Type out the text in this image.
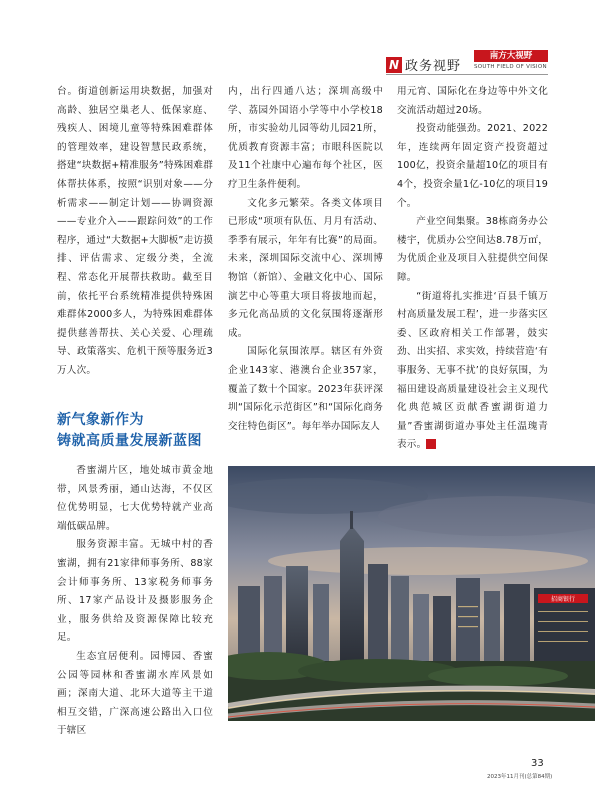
N 政务视野
南方大视野
SOUTH FIELD OF VISION

台。街道创新运用块数据，加强对高龄、独居空巢老人、低保家庭、残疾人、困境儿童等特殊困难群体的管理效率，建设智慧民政系统，搭建“块数据+精准服务”特殊困难群体帮扶体系，按照“识别对象——分析需求——制定计划——协调资源——专业介入——跟踪问效”的工作程序，通过“大数据+大脚板”走访摸排、评估需求、定级分类，全流程、常态化开展帮扶救助。截至目前，依托平台系统精准提供特殊困难群体2000多人，为特殊困难群体提供慈善帮扶、关心关爱、心理疏导、政策落实、危机干预等服务近3万人次。

新气象新作为
铸就高质量发展新蓝图

香蜜湖片区，地处城市黄金地带，风景秀丽，通山达海，不仅区位优势明显，七大优势特就产业高端低碳品牌。

服务资源丰富。无城中村的香蜜湖，拥有21家律师事务所、88家会计师事务所、13家税务师事务所、17家产品设计及摄影服务企业，服务供给及资源保障比较充足。

生态宜居便利。园博园、香蜜公园等园林和香蜜湖水库风景如画；深南大道、北环大道等主干道相互交错，广深高速公路出入口位于辖区

内，出行四通八达；深圳高级中学、荔园外国语小学等中小学校18所，市实验幼儿园等幼儿园21所，优质教育资源丰富；市眼科医院以及11个社康中心遍布每个社区，医疗卫生条件便利。

文化多元繁荣。各类文体项目已形成“项项有队伍、月月有活动、季季有展示，年年有比赛”的局面。未来，深圳国际交流中心、深圳博物馆（新馆）、金融文化中心、国际演艺中心等重大项目将拔地而起，多元化高品质的文化氛围将逐渐形成。

国际化氛围浓厚。辖区有外资企业143家、港澳台企业357家，覆盖了数十个国家。2023年获评深圳“国际化示范街区”和“国际化商务交往特色街区”。每年举办国际友人

用元宵、国际化在身边等中外文化交流活动超过20场。

投资动能强劲。2021、2022年，连续两年固定资产投资超过100亿，投资余量超10亿的项目有4个，投资余量1亿-10亿的项目19个。

产业空间集聚。38栋商务办公楼宇，优质办公空间达8.78万㎡，为优质企业及项目入驻提供空间保障。

“街道将扎实推进‘百县千镇万村高质量发展工程’，进一步落实区委、区政府相关工作部署，鼓实劲、出实招、求实效，持续营造‘有事服务、无事不扰’的良好氛围，为福田建设高质量建设社会主义现代化典范城区贡献香蜜湖街道力量”香蜜湖街道办事处主任温瑰青表示。 N

招商银行
33
2023年11月刊(总第84期)
